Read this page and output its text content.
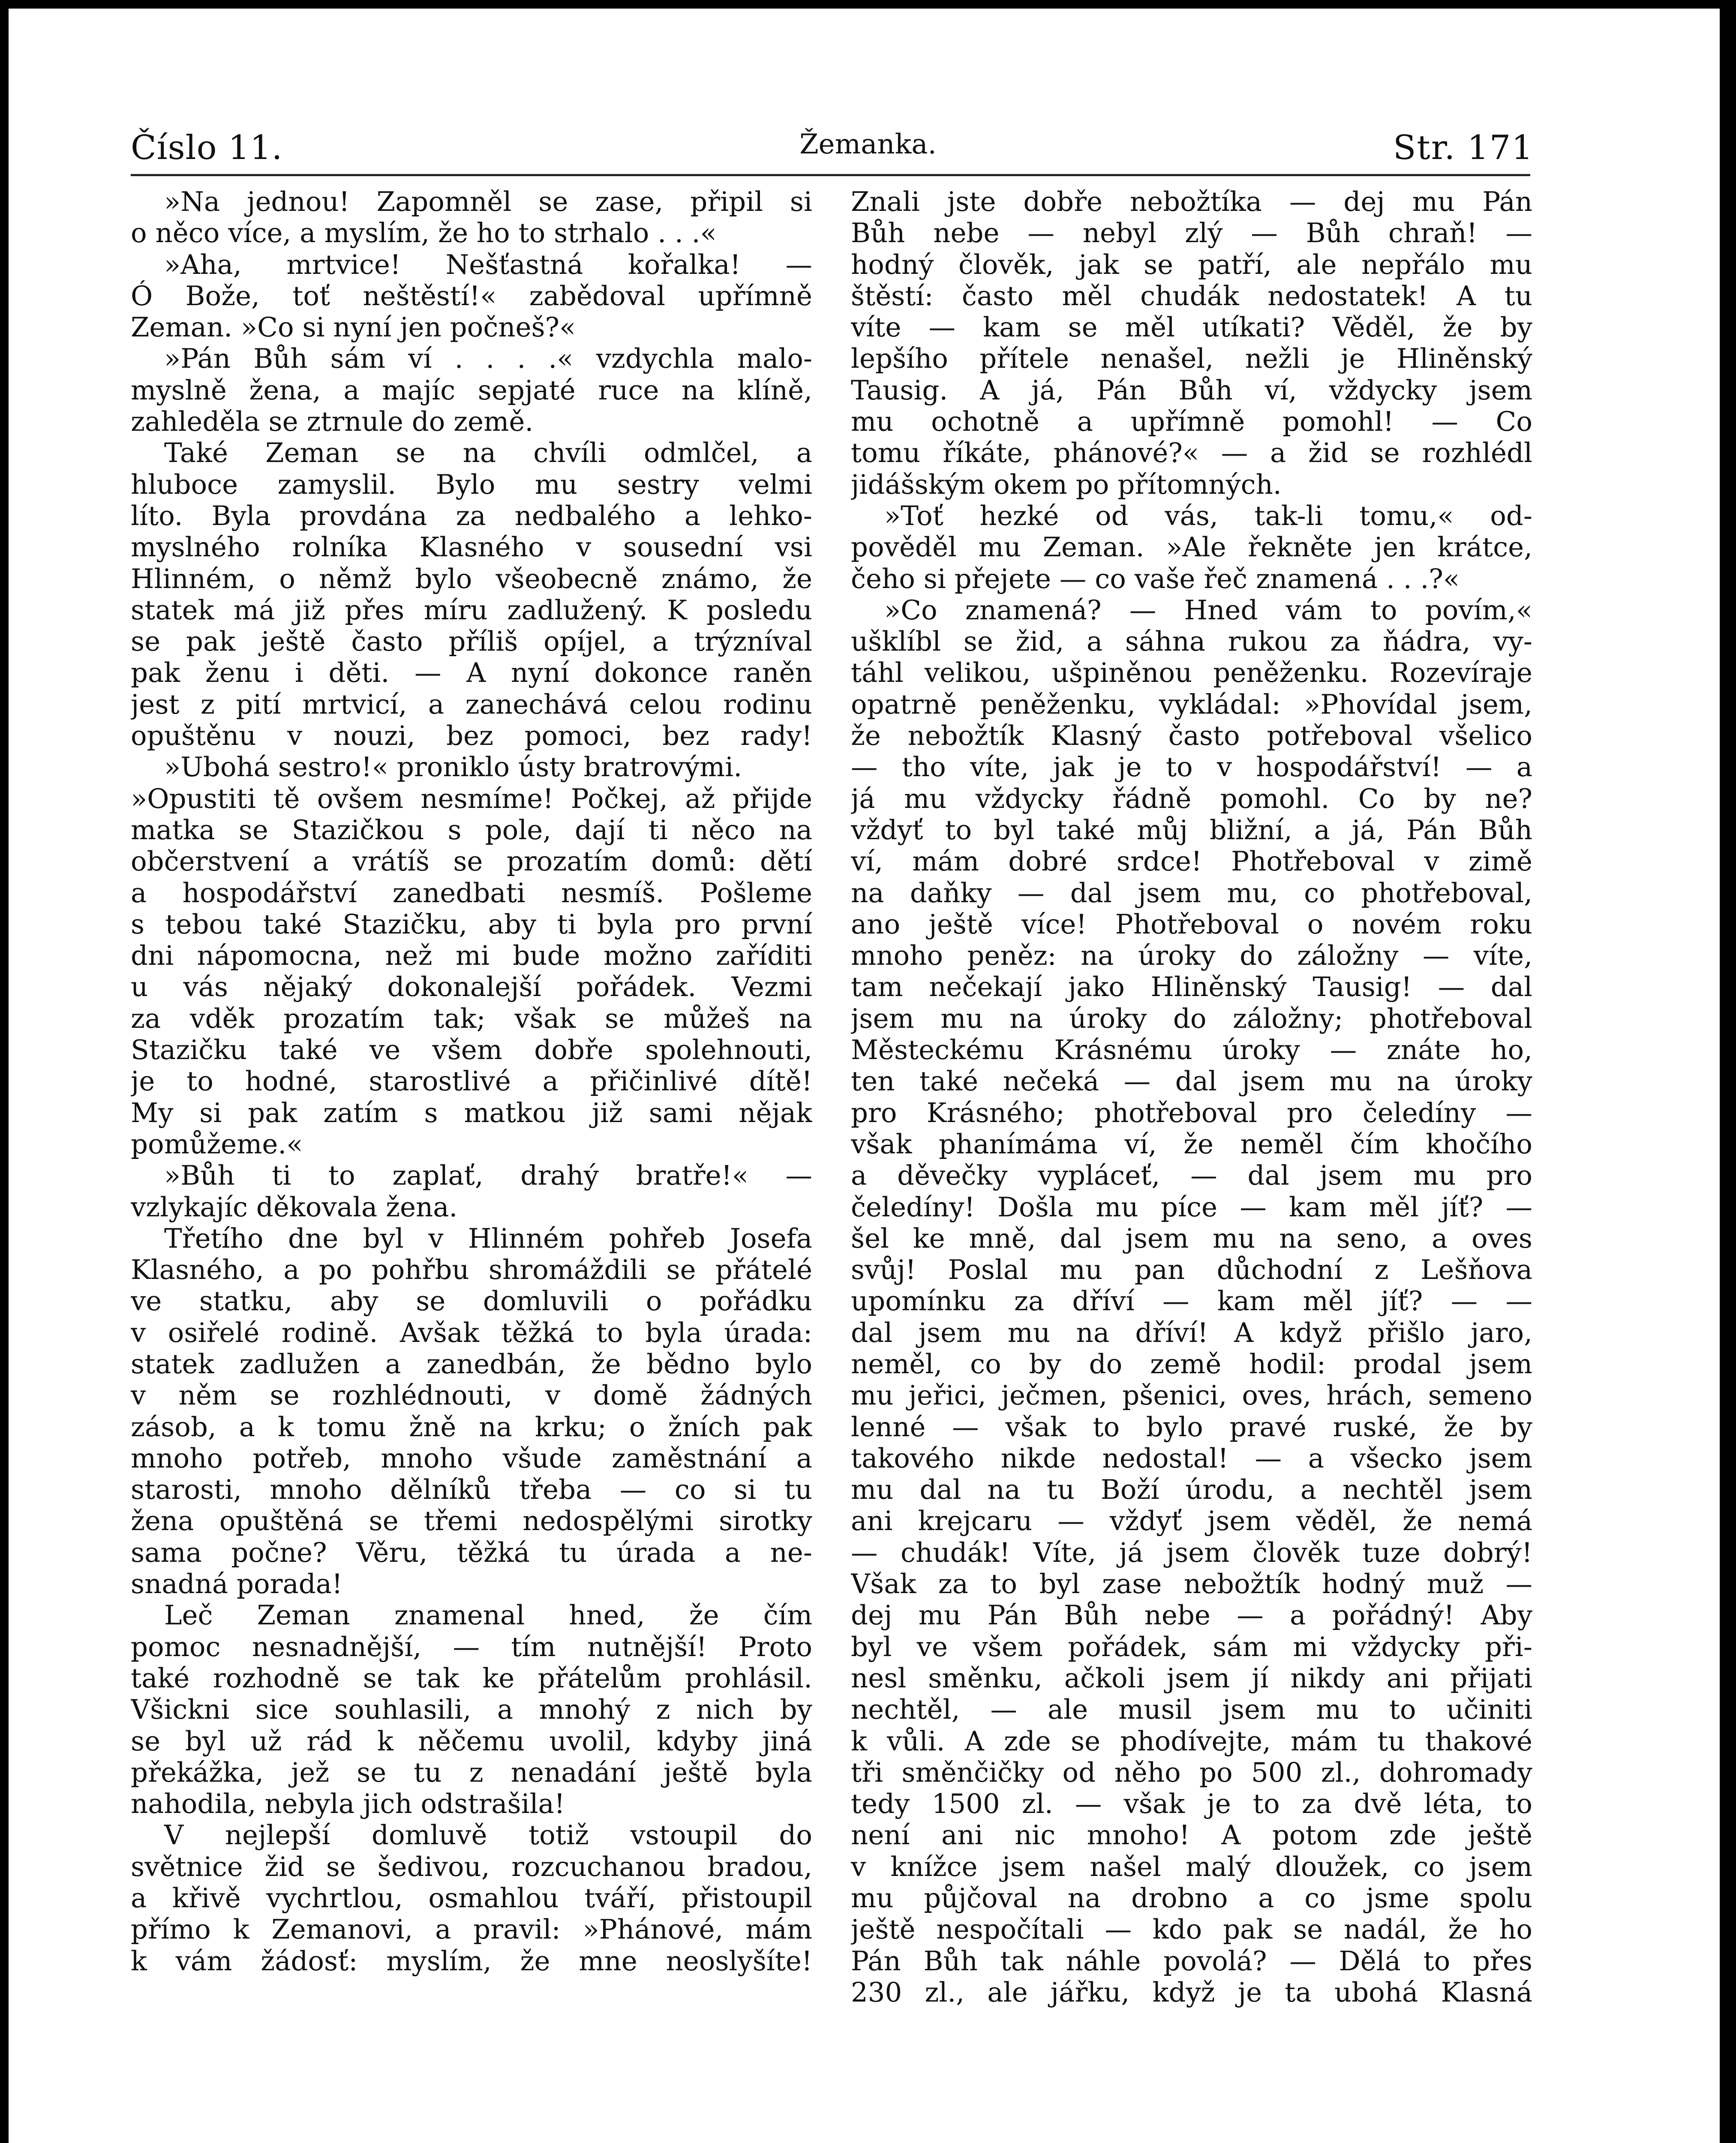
Číslo 11.	Žemanka.	Str. 171

»Na jednou! Zapomněl se zase, připil si

o něco více, a myslím, že ho to strhalo . . .«

»Aha, mrtvice! Nešťastná kořalka! —

Ó Bože, toť neštěstí!« zabědoval upřímně

Zeman. »Co si nyní jen počneš?«

»Pán Bůh sám ví . . . .« vzdychla malo-

myslně žena, a majíc sepjaté ruce na klíně,

zahleděla se ztrnule do země.

Také Zeman se na chvíli odmlčel, a

hluboce zamyslil. Bylo mu sestry velmi

líto. Byla provdána za nedbalého a lehko-

myslného rolníka Klasného v sousední vsi

Hlinném, o němž bylo všeobecně známo, že

statek má již přes míru zadlužený. K posledu

se pak ještě často příliš opíjel, a trýzníval

pak ženu i děti. — A nyní dokonce raněn

jest z pití mrtvicí, a zanechává celou rodinu

opuštěnu v nouzi, bez pomoci, bez rady!

»Ubohá sestro!« proniklo ústy bratrovými.

»Opustiti tě ovšem nesmíme! Počkej, až přijde

matka se Stazičkou s pole, dají ti něco na

občerstvení a vrátíš se prozatím domů: dětí

a hospodářství zanedbati nesmíš. Pošleme

s tebou také Stazičku, aby ti byla pro první

dni nápomocna, než mi bude možno zaříditi

u vás nějaký dokonalejší pořádek. Vezmi

za vděk prozatím tak; však se můžeš na

Stazičku také ve všem dobře spolehnouti,

je to hodné, starostlivé a přičinlivé dítě!

My si pak zatím s matkou již sami nějak

pomůžeme.«

»Bůh ti to zaplať, drahý bratře!« —

vzlykajíc děkovala žena.

Třetího dne byl v Hlinném pohřeb Josefa

Klasného, a po pohřbu shromáždili se přátelé

ve statku, aby se domluvili o pořádku

v osiřelé rodině. Avšak těžká to byla úrada:

statek zadlužen a zanedbán, že bědno bylo

v něm se rozhlédnouti, v domě žádných

zásob, a k tomu žně na krku; o žních pak

mnoho potřeb, mnoho všude zaměstnání a

starosti, mnoho dělníků třeba — co si tu

žena opuštěná se třemi nedospělými sirotky

sama počne? Věru, těžká tu úrada a ne-

snadná porada!

Leč Zeman znamenal hned, že čím

pomoc nesnadnější, — tím nutnější! Proto

také rozhodně se tak ke přátelům prohlásil.

Všickni sice souhlasili, a mnohý z nich by

se byl už rád k něčemu uvolil, kdyby jiná

překážka, jež se tu z nenadání ještě byla

nahodila, nebyla jich odstrašila!

V nejlepší domluvě totiž vstoupil do

světnice žid se šedivou, rozcuchanou bradou,

a křivě vychrtlou, osmahlou tváří, přistoupil

přímo k Zemanovi, a pravil: »Phánové, mám

k vám žádosť: myslím, že mne neoslyšíte!

Znali jste dobře nebožtíka — dej mu Pán

Bůh nebe — nebyl zlý — Bůh chraň! —

hodný člověk, jak se patří, ale nepřálo mu

štěstí: často měl chudák nedostatek! A tu

víte — kam se měl utíkati? Věděl, že by

lepšího přítele nenašel, nežli je Hliněnský

Tausig. A já, Pán Bůh ví, vždycky jsem

mu ochotně a upřímně pomohl! — Co

tomu říkáte, phánové?« — a žid se rozhlédl

jidášským okem po přítomných.

»Toť hezké od vás, tak-li tomu,« od-

pověděl mu Zeman. »Ale řekněte jen krátce,

čeho si přejete — co vaše řeč znamená . . .?«

»Co znamená? — Hned vám to povím,«

ušklíbl se žid, a sáhna rukou za ňádra, vy-

táhl velikou, ušpiněnou peněženku. Rozevíraje

opatrně peněženku, vykládal: »Phovídal jsem,

že nebožtík Klasný často potřeboval všelico

— tho víte, jak je to v hospodářství! — a

já mu vždycky řádně pomohl. Co by ne?

vždyť to byl také můj bližní, a já, Pán Bůh

ví, mám dobré srdce! Photřeboval v zimě

na daňky — dal jsem mu, co photřeboval,

ano ještě více! Photřeboval o novém roku

mnoho peněz: na úroky do záložny — víte,

tam nečekají jako Hliněnský Tausig! — dal

jsem mu na úroky do záložny; photřeboval

Městeckému Krásnému úroky — znáte ho,

ten také nečeká — dal jsem mu na úroky

pro Krásného; photřeboval pro čeledíny —

však phanímáma ví, že neměl čím khočího

a děvečky vypláceť, — dal jsem mu pro

čeledíny! Došla mu píce — kam měl jíť? —

šel ke mně, dal jsem mu na seno, a oves

svůj! Poslal mu pan důchodní z Lešňova

upomínku za dříví — kam měl jíť? — —

dal jsem mu na dříví! A když přišlo jaro,

neměl, co by do země hodil: prodal jsem

mu jeřici, ječmen, pšenici, oves, hrách, semeno

lenné — však to bylo pravé ruské, že by

takového nikde nedostal! — a všecko jsem

mu dal na tu Boží úrodu, a nechtěl jsem

ani krejcaru — vždyť jsem věděl, že nemá

— chudák! Víte, já jsem člověk tuze dobrý!

Však za to byl zase nebožtík hodný muž —

dej mu Pán Bůh nebe — a pořádný! Aby

byl ve všem pořádek, sám mi vždycky při-

nesl směnku, ačkoli jsem jí nikdy ani přijati

nechtěl, — ale musil jsem mu to učiniti

k vůli. A zde se phodívejte, mám tu thakové

tři směnčičky od něho po 500 zl., dohromady

tedy 1500 zl. — však je to za dvě léta, to

není ani nic mnoho! A potom zde ještě

v knížce jsem našel malý dloužek, co jsem

mu půjčoval na drobno a co jsme spolu

ještě nespočítali — kdo pak se nadál, že ho

Pán Bůh tak náhle povolá? — Dělá to přes

230 zl., ale jářku, když je ta ubohá Klasná
